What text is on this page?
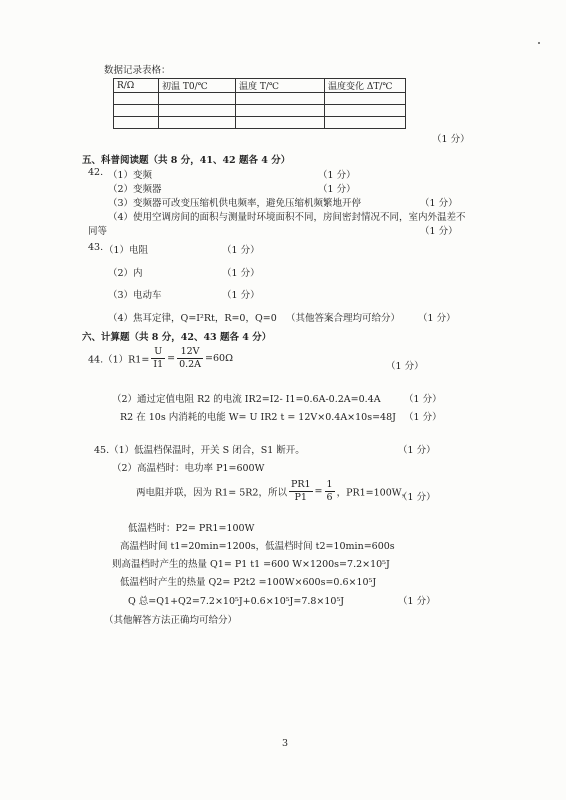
数据记录表格：
R/Ω	初温 T0/℃	温度 T/℃	温度变化 ΔT/℃

（1 分）
五、科普阅读题（共 8 分，41、42 题各 4 分）
42. （1）变频	（1 分）
（2）变频器	（1 分）
（3）变频器可改变压缩机供电频率，避免压缩机频繁地开停	（1 分）
（4）使用空调房间的面积与测量时环境面积不同，房间密封情况不同，室内外温差不
同等	（1 分）
43. （1）电阻	（1 分）
（2）内	（1 分）
（3）电动车	（1 分）
（4）焦耳定律，Q=I²Rt，R=0，Q=0 （其他答案合理均可给分） （1 分）
六、计算题（共 8 分，42、43 题各 4 分）
$44.(1)R1= \frac{U}{I1} = \frac{12V}{0.2A} =60\Omega$
（1 分）
（2）通过定值电阻 R2 的电流 IR2=I2- I1=0.6A-0.2A=0.4A （1 分）
R2 在 10s 内消耗的电能 W= U IR2 t = 12V×0.4A×10s=48J （1 分）
45.（1）低温档保温时，开关 S 闭合，S1 断开。	（1 分）
（2）高温档时：电功率 P1=600W
两电阻并联，因为 R1= 5R2，所以 $\frac{PR1}{P1} = \frac{1}{6}$ ，PR1=100W，
（1 分）
低温档时：P2= PR1=100W
高温档时间 t1=20min=1200s，低温档时间 t2=10min=600s
则高温档时产生的热量 Q1= P1 t1 =600 W×1200s=7.2×10⁵J
低温档时产生的热量 Q2= P2t2 =100W×600s=0.6×10⁵J
Q 总=Q1+Q2=7.2×10⁵J+0.6×10⁵J=7.8×10⁵J	（1 分）
（其他解答方法正确均可给分）
3
